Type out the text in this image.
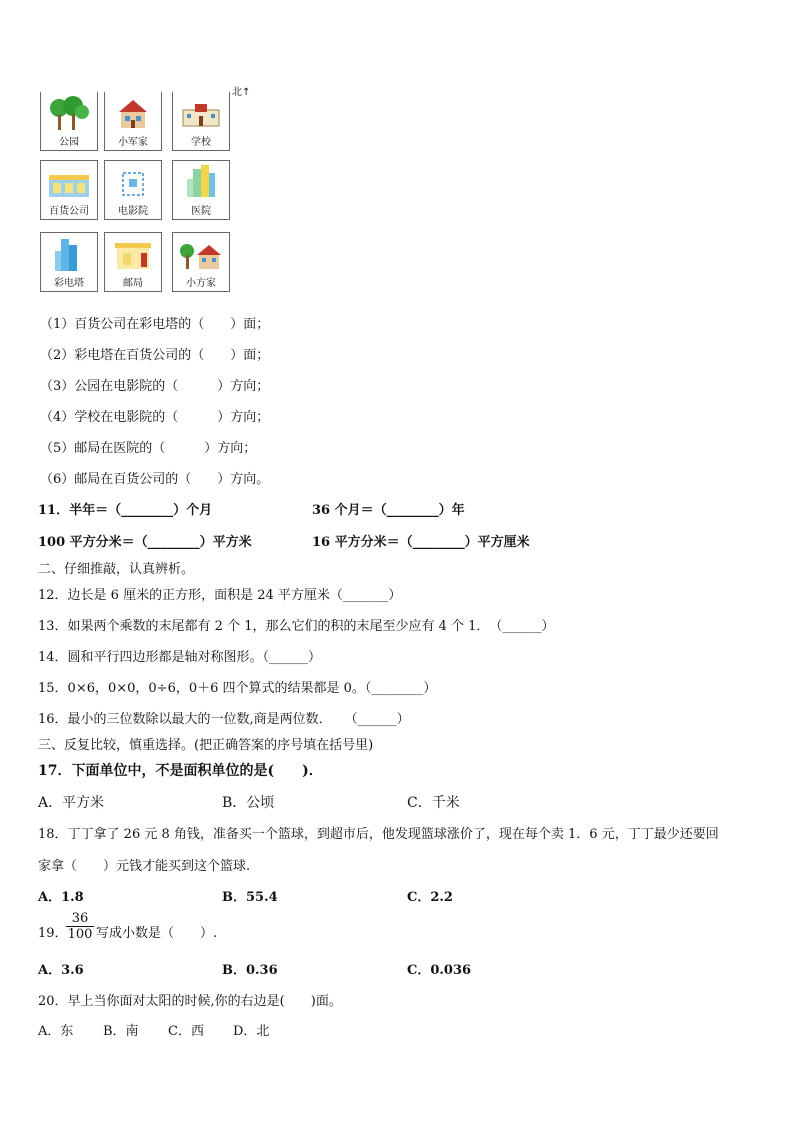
北↑
公园	小军家	学校
百货公司	电影院	医院
彩电塔	邮局	小方家
（1）百货公司在彩电塔的（　　）面；
（2）彩电塔在百货公司的（　　）面；
（3）公园在电影院的（　　　）方向；
（4）学校在电影院的（　　　）方向；
（5）邮局在医院的（　　　）方向；
（6）邮局在百货公司的（　　）方向。
11．半年＝（________）个月	36 个月＝（________）年
100 平方分米＝（________）平方米	16 平方分米＝（________）平方厘米
二、仔细推敲，认真辨析。
12．边长是 6 厘米的正方形，面积是 24 平方厘米（_______）
13．如果两个乘数的末尾都有 2 个 1，那么它们的积的末尾至少应有 4 个 1．　（______）
14．圆和平行四边形都是轴对称图形。（______）
15．0×6，0×0，0÷6，0＋6 四个算式的结果都是 0。（________）
16．最小的三位数除以最大的一位数,商是两位数．　　（______）
三、反复比较，慎重选择。(把正确答案的序号填在括号里)
17．下面单位中，不是面积单位的是(　　)．
A．平方米	B．公顷	C．千米
18．丁丁拿了 26 元 8 角钱，准备买一个篮球，到超市后，他发现篮球涨价了，现在每个卖 1．6 元，丁丁最少还要回
家拿（　　）元钱才能买到这个篮球.
A．1.8	B．55.4	C．2.2
19．
$\frac{36}{100}$ 写成小数是（　　）.
A．3.6	B．0.36	C．0.036
20．早上当你面对太阳的时候,你的右边是(　　)面。
A．东 B．南 C．西 D．北
